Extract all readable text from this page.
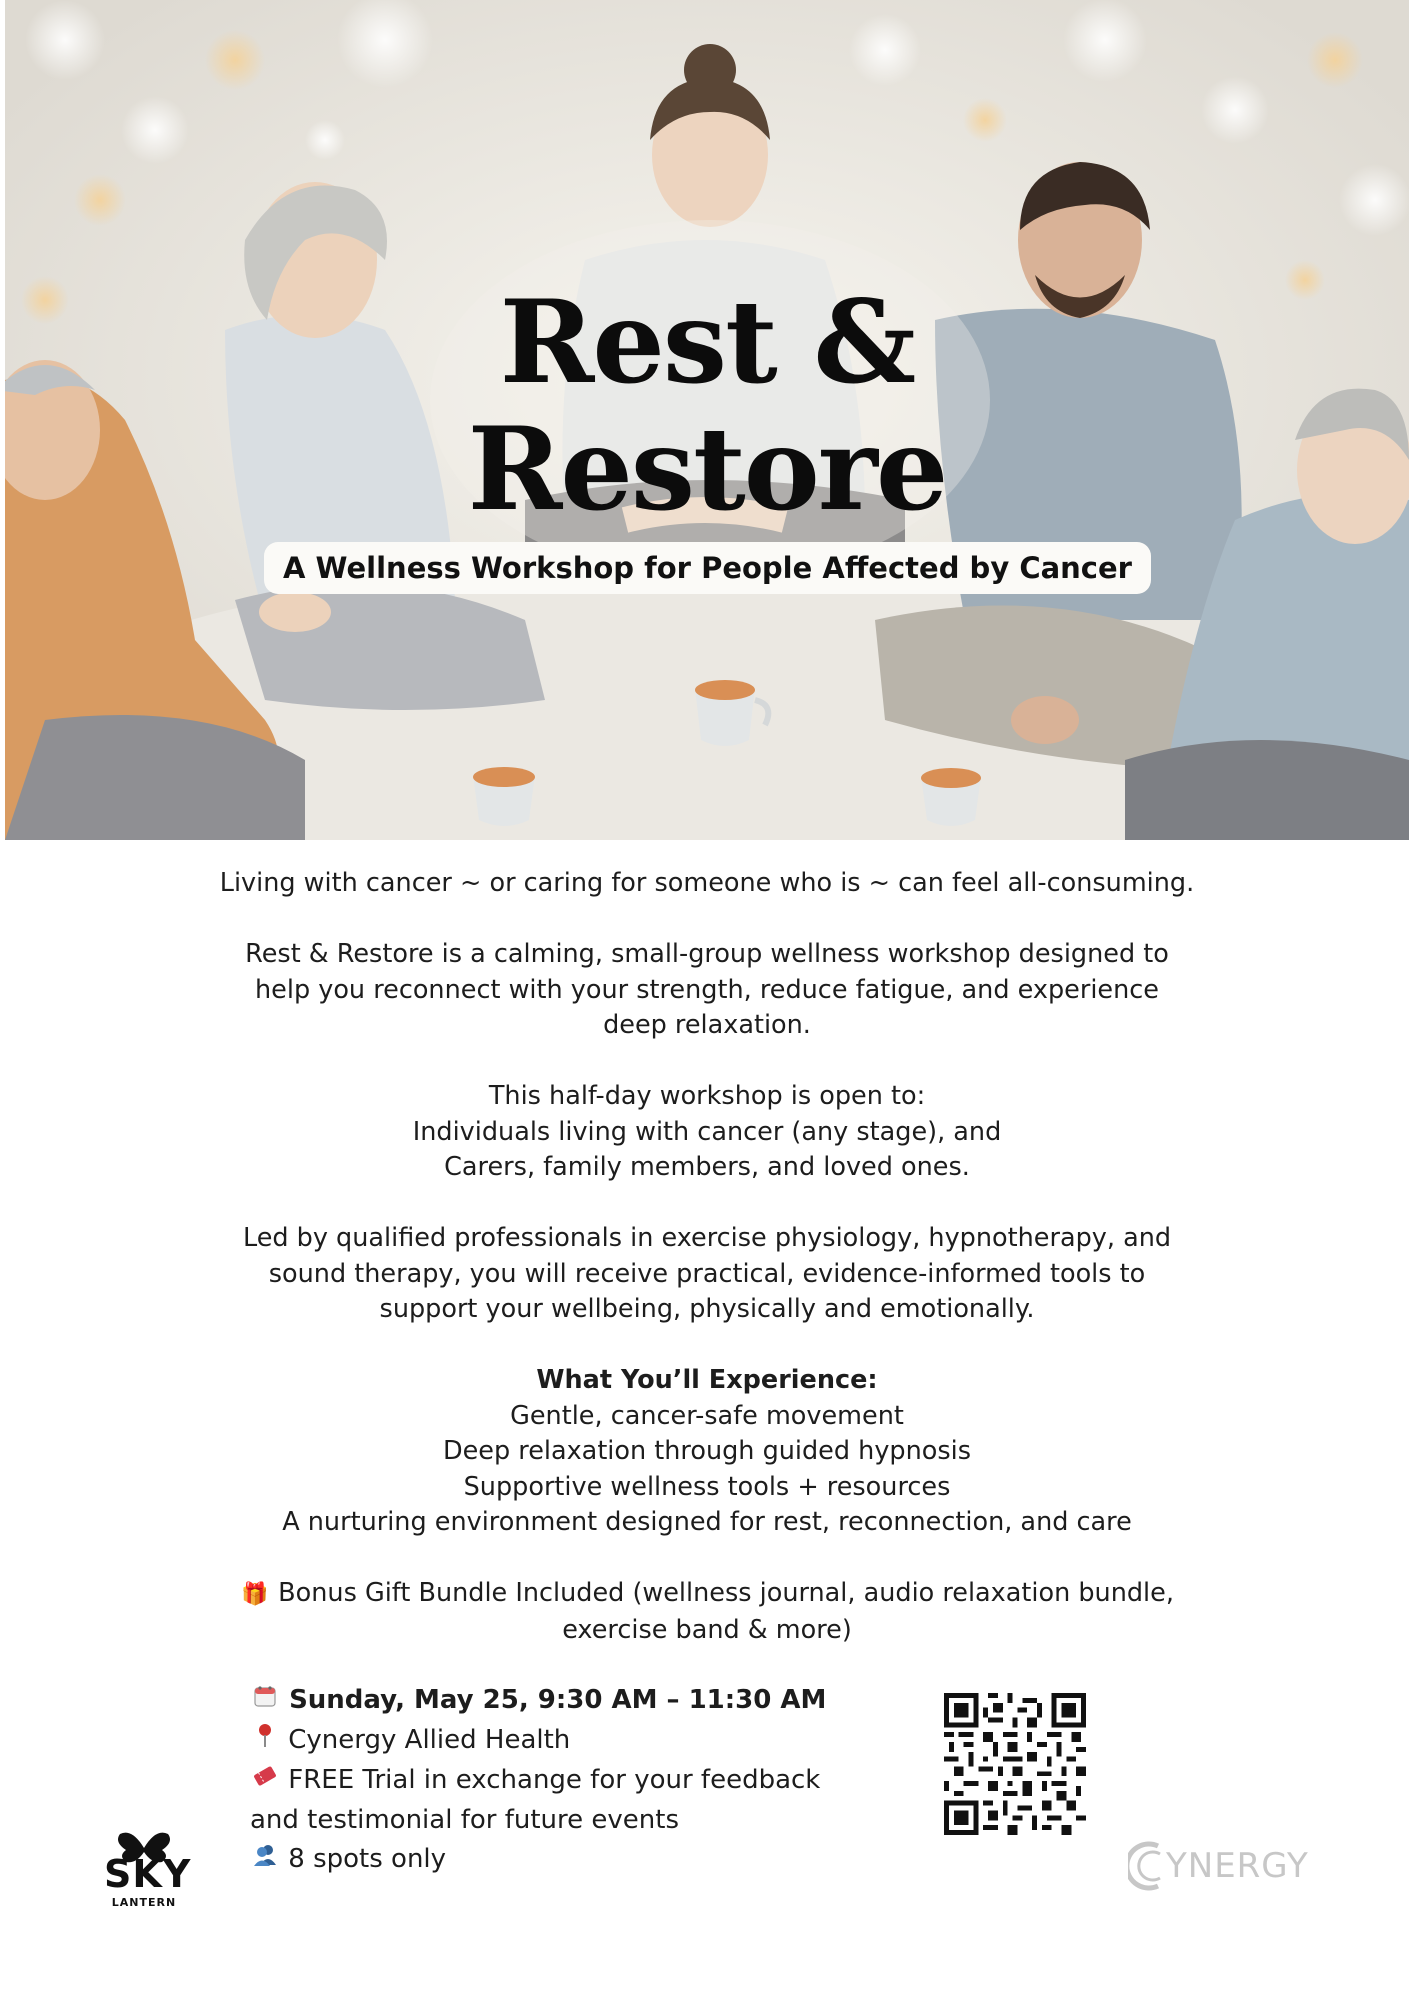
Rest &
Restore
A Wellness Workshop for People Affected by Cancer

Living with cancer ~ or caring for someone who is ~ can feel all-consuming.

Rest & Restore is a calming, small-group wellness workshop designed to
help you reconnect with your strength, reduce fatigue, and experience
deep relaxation.

This half-day workshop is open to:
Individuals living with cancer (any stage), and
Carers, family members, and loved ones.

Led by qualified professionals in exercise physiology, hypnotherapy, and
sound therapy, you will receive practical, evidence-informed tools to
support your wellbeing, physically and emotionally.

What You’ll Experience:
Gentle, cancer-safe movement
Deep relaxation through guided hypnosis
Supportive wellness tools + resources
A nurturing environment designed for rest, reconnection, and care

🎁 Bonus Gift Bundle Included (wellness journal, audio relaxation bundle,
exercise band & more)

Sunday, May 25, 9:30 AM – 11:30 AM
Cynergy Allied Health
FREE Trial in exchange for your feedback
and testimonial for future events
8 spots only
SKY
LANTERN
YNERGY
